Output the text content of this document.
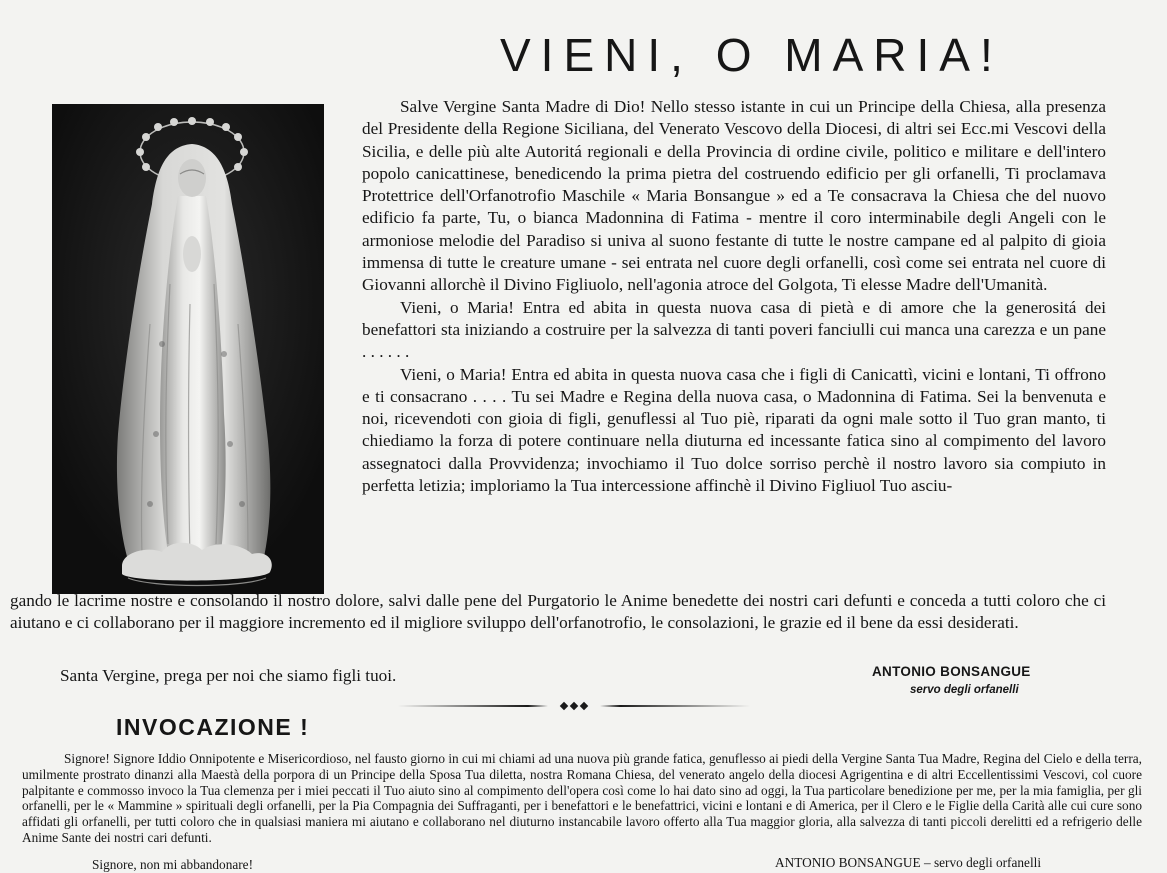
VIENI, O MARIA!

Salve Vergine Santa Madre di Dio! Nello stesso istante in cui un Principe della Chiesa, alla presenza del Presidente della Regione Siciliana, del Venerato Vescovo della Diocesi, di altri sei Ecc.mi Vescovi della Sicilia, e delle più alte Autoritá regionali e della Provincia di ordine civile, politico e militare e dell'intero popolo canicattinese, benedicendo la prima pietra del costruendo edificio per gli orfanelli, Ti proclamava Protettrice dell'Orfanotrofio Maschile « Maria Bonsangue » ed a Te consacrava la Chiesa che del nuovo edificio fa parte, Tu, o bianca Madonnina di Fatima - mentre il coro interminabile degli Angeli con le armoniose melodie del Paradiso si univa al suono festante di tutte le nostre campane ed al palpito di gioia immensa di tutte le creature umane - sei entrata nel cuore degli orfanelli, così come sei entrata nel cuore di Giovanni allorchè il Divino Figliuolo, nell'agonia atroce del Golgota, Ti elesse Madre dell'Umanità.

Vieni, o Maria! Entra ed abita in questa nuova casa di pietà e di amore che la generositá dei benefattori sta iniziando a costruire per la salvezza di tanti poveri fanciulli cui manca una carezza e un pane . . . . . .

Vieni, o Maria! Entra ed abita in questa nuova casa che i figli di Canicattì, vicini e lontani, Ti offrono e ti consacrano . . . . Tu sei Madre e Regina della nuova casa, o Madonnina di Fatima. Sei la benvenuta e noi, ricevendoti con gioia di figli, genuflessi al Tuo piè, riparati da ogni male sotto il Tuo gran manto, ti chiediamo la forza di potere continuare nella diuturna ed incessante fatica sino al compimento del lavoro assegnatoci dalla Provvidenza; invochiamo il Tuo dolce sorriso perchè il nostro lavoro sia compiuto in perfetta letizia; imploriamo la Tua intercessione affinchè il Divino Figliuol Tuo asciu-

gando le lacrime nostre e consolando il nostro dolore, salvi dalle pene del Purgatorio le Anime benedette dei nostri cari defunti e conceda a tutti coloro che ci aiutano e ci collaborano per il maggiore incremento ed il migliore sviluppo dell'orfanotrofio, le consolazioni, le grazie ed il bene da essi desiderati.

Santa Vergine, prega per noi che siamo figli tuoi.	ANTONIO BONSANGUE
servo degli orfanelli
INVOCAZIONE !

Signore! Signore Iddio Onnipotente e Misericordioso, nel fausto giorno in cui mi chiami ad una nuova più grande fatica, genuflesso ai piedi della Vergine Santa Tua Madre, Regina del Cielo e della terra, umilmente prostrato dinanzi alla Maestà della porpora di un Principe della Sposa Tua diletta, nostra Romana Chiesa, del venerato angelo della diocesi Agrigentina e di altri Eccellentissimi Vescovi, col cuore palpitante e commosso invoco la Tua clemenza per i miei peccati il Tuo aiuto sino al compimento dell'opera così come lo hai dato sino ad oggi, la Tua particolare benedizione per me, per la mia famiglia, per gli orfanelli, per le « Mammine » spirituali degli orfanelli, per la Pia Compagnia dei Suffraganti, per i benefattori e le benefattrici, vicini e lontani e di America, per il Clero e le Figlie della Carità alle cui cure sono affidati gli orfanelli, per tutti coloro che in qualsiasi maniera mi aiutano e collaborano nel diuturno instancabile lavoro offerto alla Tua maggior gloria, alla salvezza di tanti piccoli derelitti ed a refrigerio delle Anime Sante dei nostri cari defunti.

Signore, non mi abbandonare!	ANTONIO BONSANGUE – servo degli orfanelli
